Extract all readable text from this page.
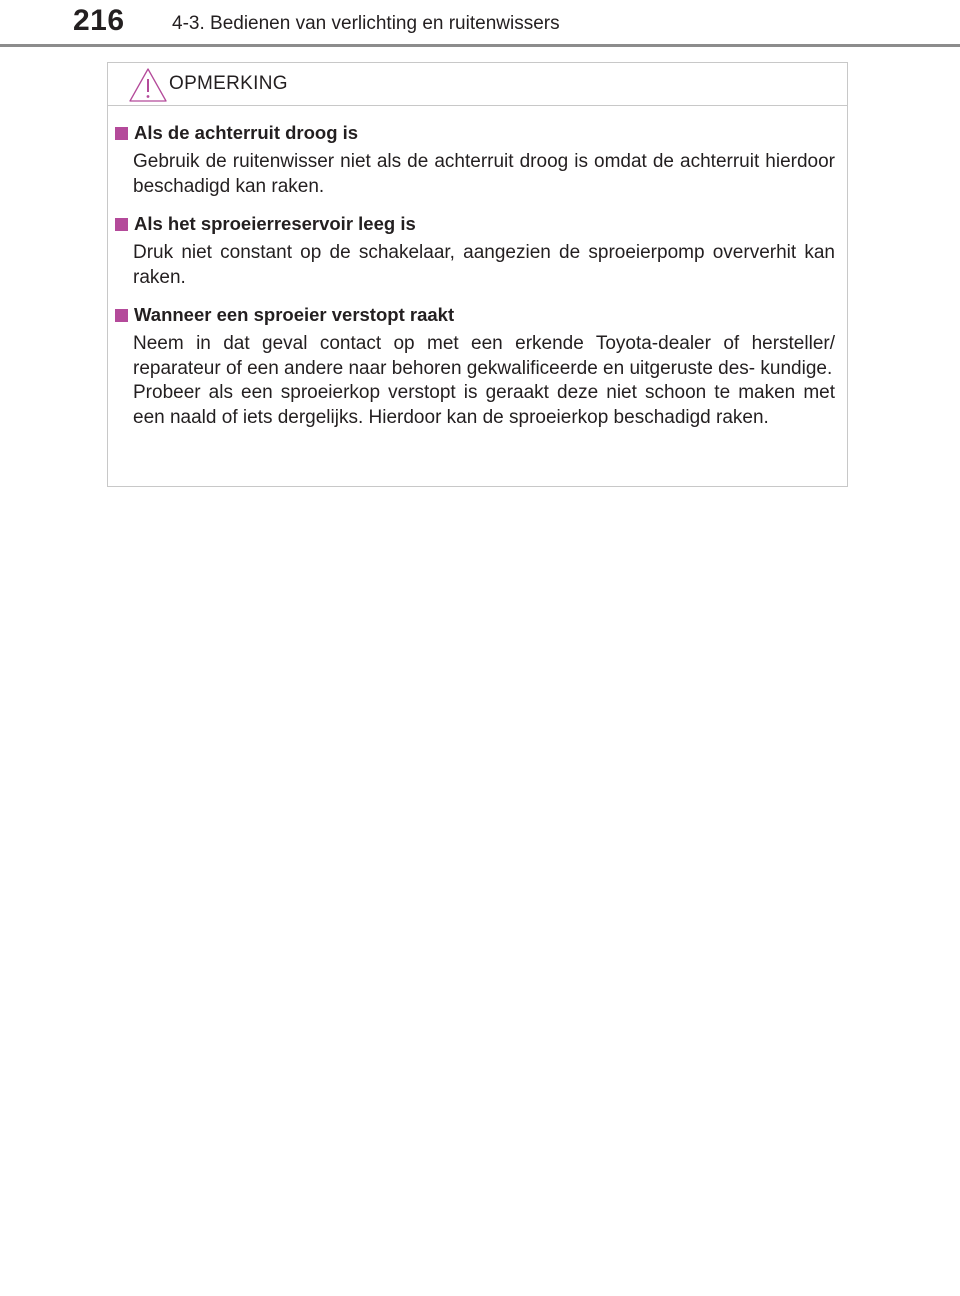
216 4-3. Bedienen van verlichting en ruitenwissers
OPMERKING
Als de achterruit droog is

Gebruik de ruitenwisser niet als de achterruit droog is omdat de achterruit hierdoor beschadigd kan raken.

Als het sproeierreservoir leeg is

Druk niet constant op de schakelaar, aangezien de sproeierpomp oververhit kan raken.

Wanneer een sproeier verstopt raakt

Neem in dat geval contact op met een erkende Toyota-dealer of hersteller/ reparateur of een andere naar behoren gekwalificeerde en uitgeruste des- kundige.

Probeer als een sproeierkop verstopt is geraakt deze niet schoon te maken met een naald of iets dergelijks. Hierdoor kan de sproeierkop beschadigd raken.
